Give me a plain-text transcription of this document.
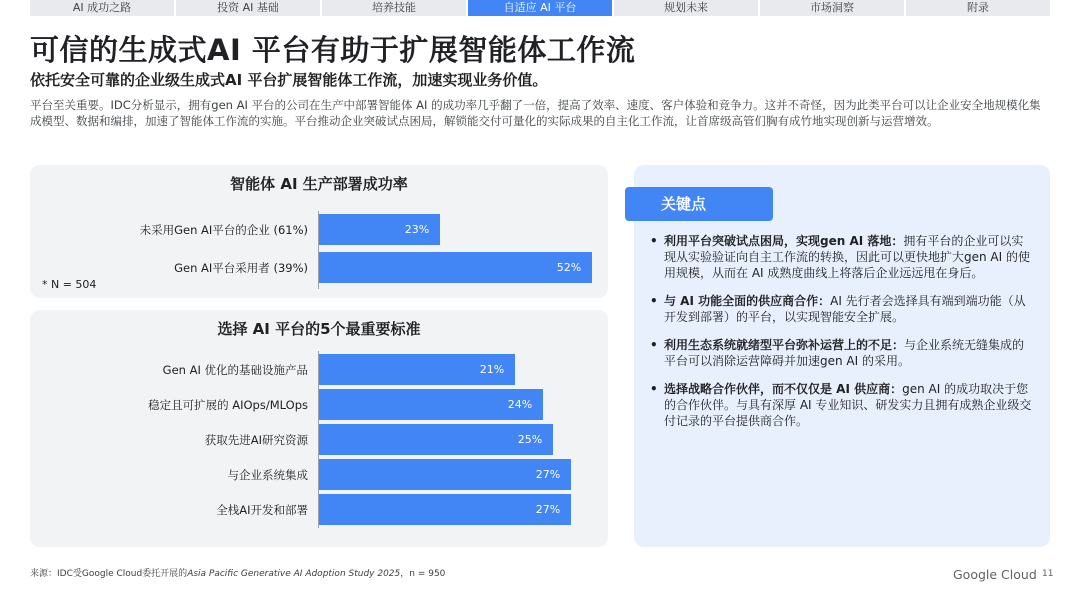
AI 成功之路	投资 AI 基础	培养技能	自适应 AI 平台	规划未来	市场洞察	附录
可信的生成式AI 平台有助于扩展智能体工作流
依托安全可靠的企业级生成式AI 平台扩展智能体工作流，加速实现业务价值。
平台至关重要。IDC分析显示，拥有gen AI 平台的公司在生产中部署智能体 AI 的成功率几乎翻了一倍，提高了效率、速度、客户体验和竞争力。这并不奇怪，因为此类平台可以让企业安全地规模化集成模型、数据和编排，加速了智能体工作流的实施。平台推动企业突破试点困局，解锁能交付可量化的实际成果的自主化工作流，让首席级高管们胸有成竹地实现创新与运营增效。
智能体 AI 生产部署成功率
未采用Gen AI平台的企业 (61%)	23%
Gen AI平台采用者 (39%)	52%
* N = 504
选择 AI 平台的5个最重要标准
Gen AI 优化的基础设施产品	21%
稳定且可扩展的 AIOps/MLOps	24%
获取先进AI研究资源	25%
与企业系统集成	27%
全栈AI开发和部署	27%
关键点
• 利用平台突破试点困局，实现gen AI 落地：拥有平台的企业可以实现从实验验证向自主工作流的转换，因此可以更快地扩大gen AI 的使用规模，从而在 AI 成熟度曲线上将落后企业远远甩在身后。
• 与 AI 功能全面的供应商合作：AI 先行者会选择具有端到端功能（从开发到部署）的平台，以实现智能安全扩展。
• 利用生态系统就绪型平台弥补运营上的不足：与企业系统无缝集成的平台可以消除运营障碍并加速gen AI 的采用。
• 选择战略合作伙伴，而不仅仅是 AI 供应商：gen AI 的成功取决于您的合作伙伴。与具有深厚 AI 专业知识、研发实力且拥有成熟企业级交付记录的平台提供商合作。
来源：IDC受Google Cloud委托开展的Asia Pacific Generative AI Adoption Study 2025，n = 950	Google Cloud 11
